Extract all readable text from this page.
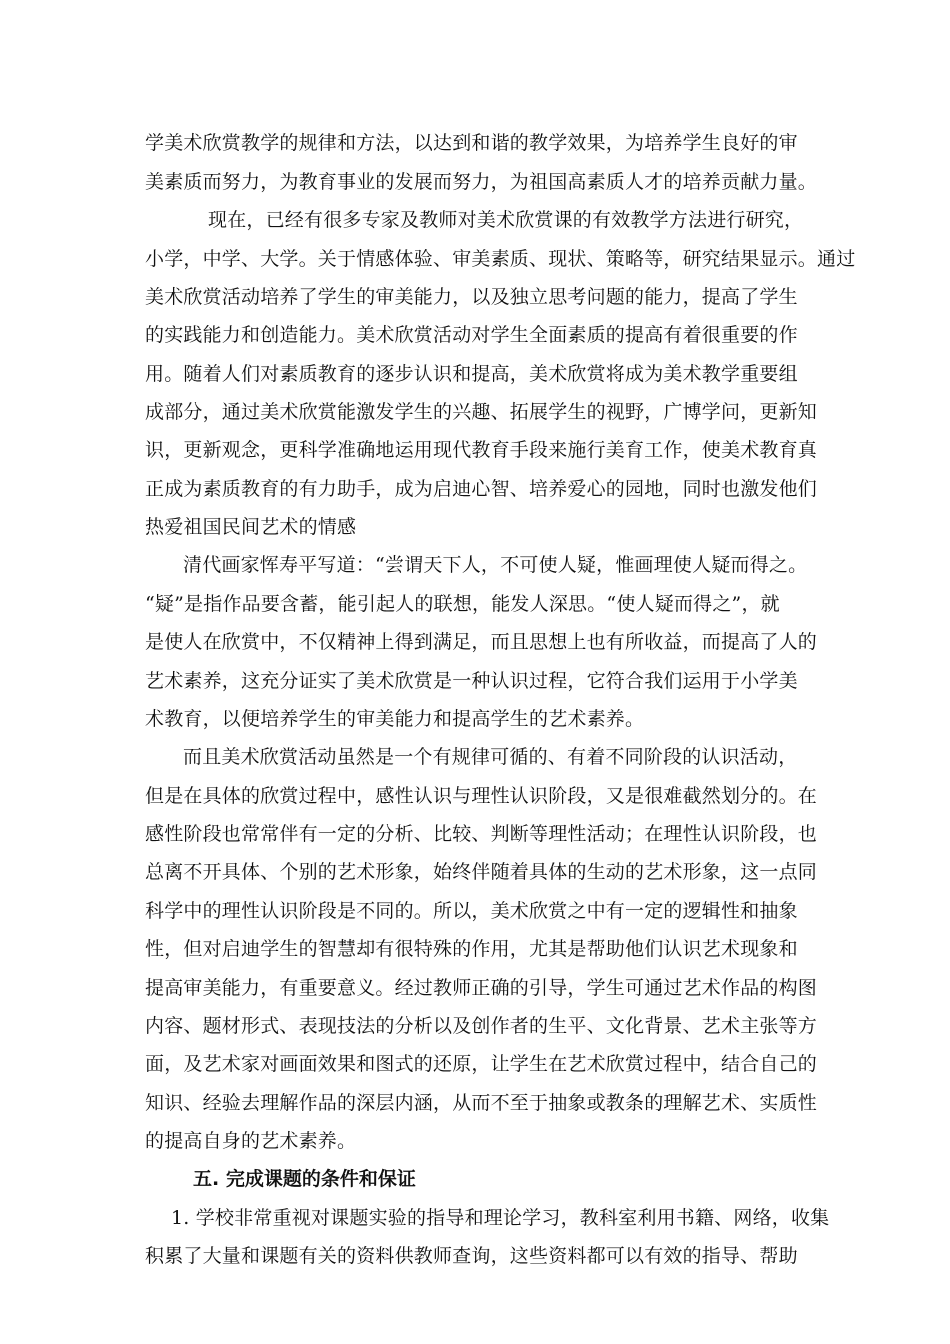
学美术欣赏教学的规律和方法，以达到和谐的教学效果，为培养学生良好的审
美素质而努力，为教育事业的发展而努力，为祖国高素质人才的培养贡献力量。
现在，已经有很多专家及教师对美术欣赏课的有效教学方法进行研究，
小学，中学、大学。关于情感体验、审美素质、现状、策略等，研究结果显示。通过
美术欣赏活动培养了学生的审美能力，以及独立思考问题的能力，提高了学生
的实践能力和创造能力。美术欣赏活动对学生全面素质的提高有着很重要的作
用。随着人们对素质教育的逐步认识和提高，美术欣赏将成为美术教学重要组
成部分，通过美术欣赏能激发学生的兴趣、拓展学生的视野，广博学问，更新知
识，更新观念，更科学准确地运用现代教育手段来施行美育工作，使美术教育真
正成为素质教育的有力助手，成为启迪心智、培养爱心的园地，同时也激发他们
热爱祖国民间艺术的情感
清代画家恽寿平写道：“尝谓天下人，不可使人疑，惟画理使人疑而得之。
“疑”是指作品要含蓄，能引起人的联想，能发人深思。“使人疑而得之”，就
是使人在欣赏中，不仅精神上得到满足，而且思想上也有所收益，而提高了人的
艺术素养，这充分证实了美术欣赏是一种认识过程，它符合我们运用于小学美
术教育，以便培养学生的审美能力和提高学生的艺术素养。
而且美术欣赏活动虽然是一个有规律可循的、有着不同阶段的认识活动，
但是在具体的欣赏过程中，感性认识与理性认识阶段，又是很难截然划分的。在
感性阶段也常常伴有一定的分析、比较、判断等理性活动；在理性认识阶段，也
总离不开具体、个别的艺术形象，始终伴随着具体的生动的艺术形象，这一点同
科学中的理性认识阶段是不同的。所以，美术欣赏之中有一定的逻辑性和抽象
性，但对启迪学生的智慧却有很特殊的作用，尤其是帮助他们认识艺术现象和
提高审美能力，有重要意义。经过教师正确的引导，学生可通过艺术作品的构图
内容、题材形式、表现技法的分析以及创作者的生平、文化背景、艺术主张等方
面，及艺术家对画面效果和图式的还原，让学生在艺术欣赏过程中，结合自己的
知识、经验去理解作品的深层内涵，从而不至于抽象或教条的理解艺术、实质性
的提高自身的艺术素养。
五. 完成课题的条件和保证
1. 学校非常重视对课题实验的指导和理论学习，教科室利用书籍、网络，收集
积累了大量和课题有关的资料供教师查询，这些资料都可以有效的指导、帮助
